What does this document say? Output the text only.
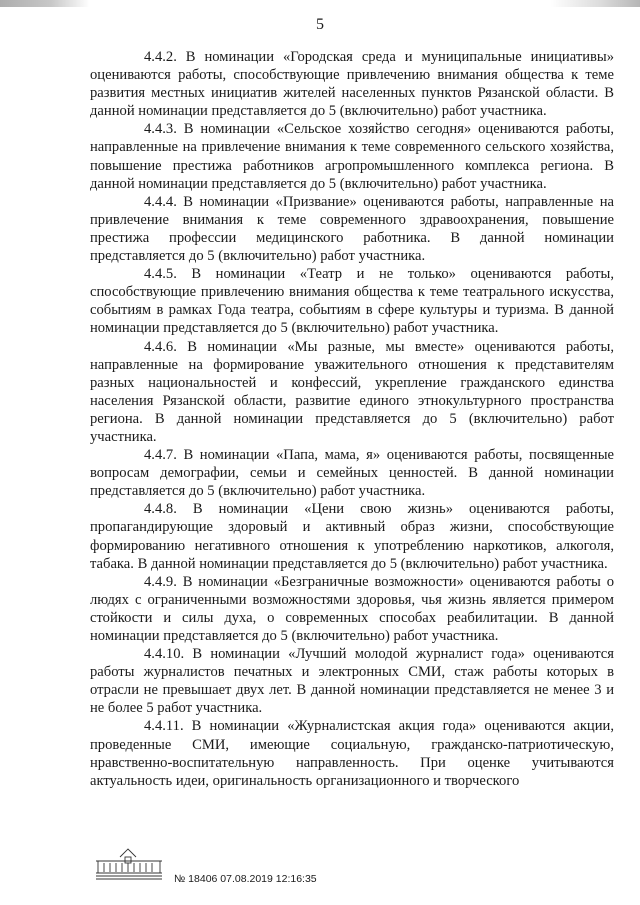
5

4.4.2. В номинации «Городская среда и муниципальные инициативы» оцениваются работы, способствующие привлечению внимания общества к теме развития местных инициатив жителей населенных пунктов Рязанской области. В данной номинации представляется до 5 (включительно) работ участника.

4.4.3. В номинации «Сельское хозяйство сегодня» оцениваются работы, направленные на привлечение внимания к теме современного сельского хозяйства, повышение престижа работников агропромышленного комплекса региона. В данной номинации представляется до 5 (включительно) работ участника.

4.4.4. В номинации «Призвание» оцениваются работы, направленные на привлечение внимания к теме современного здравоохранения, повышение престижа профессии медицинского работника. В данной номинации представляется до 5 (включительно) работ участника.

4.4.5. В номинации «Театр и не только» оцениваются работы, способствующие привлечению внимания общества к теме театрального искусства, событиям в рамках Года театра, событиям в сфере культуры и туризма. В данной номинации представляется до 5 (включительно) работ участника.

4.4.6. В номинации «Мы разные, мы вместе» оцениваются работы, направленные на формирование уважительного отношения к представителям разных национальностей и конфессий, укрепление гражданского единства населения Рязанской области, развитие единого этнокультурного пространства региона. В данной номинации представляется до 5 (включительно) работ участника.

4.4.7. В номинации «Папа, мама, я» оцениваются работы, посвященные вопросам демографии, семьи и семейных ценностей. В данной номинации представляется до 5 (включительно) работ участника.

4.4.8. В номинации «Цени свою жизнь» оцениваются работы, пропагандирующие здоровый и активный образ жизни, способствующие формированию негативного отношения к употреблению наркотиков, алкоголя, табака. В данной номинации представляется до 5 (включительно) работ участника.

4.4.9. В номинации «Безграничные возможности» оцениваются работы о людях с ограниченными возможностями здоровья, чья жизнь является примером стойкости и силы духа, о современных способах реабилитации. В данной номинации представляется до 5 (включительно) работ участника.

4.4.10. В номинации «Лучший молодой журналист года» оцениваются работы журналистов печатных и электронных СМИ, стаж работы которых в отрасли не превышает двух лет. В данной номинации представляется не менее 3 и не более 5 работ участника.

4.4.11. В номинации «Журналистская акция года» оцениваются акции, проведенные СМИ, имеющие социальную, гражданско-патриотическую, нравственно-воспитательную направленность. При оценке учитываются актуальность идеи, оригинальность организационного и творческого

№ 18406 07.08.2019 12:16:35
